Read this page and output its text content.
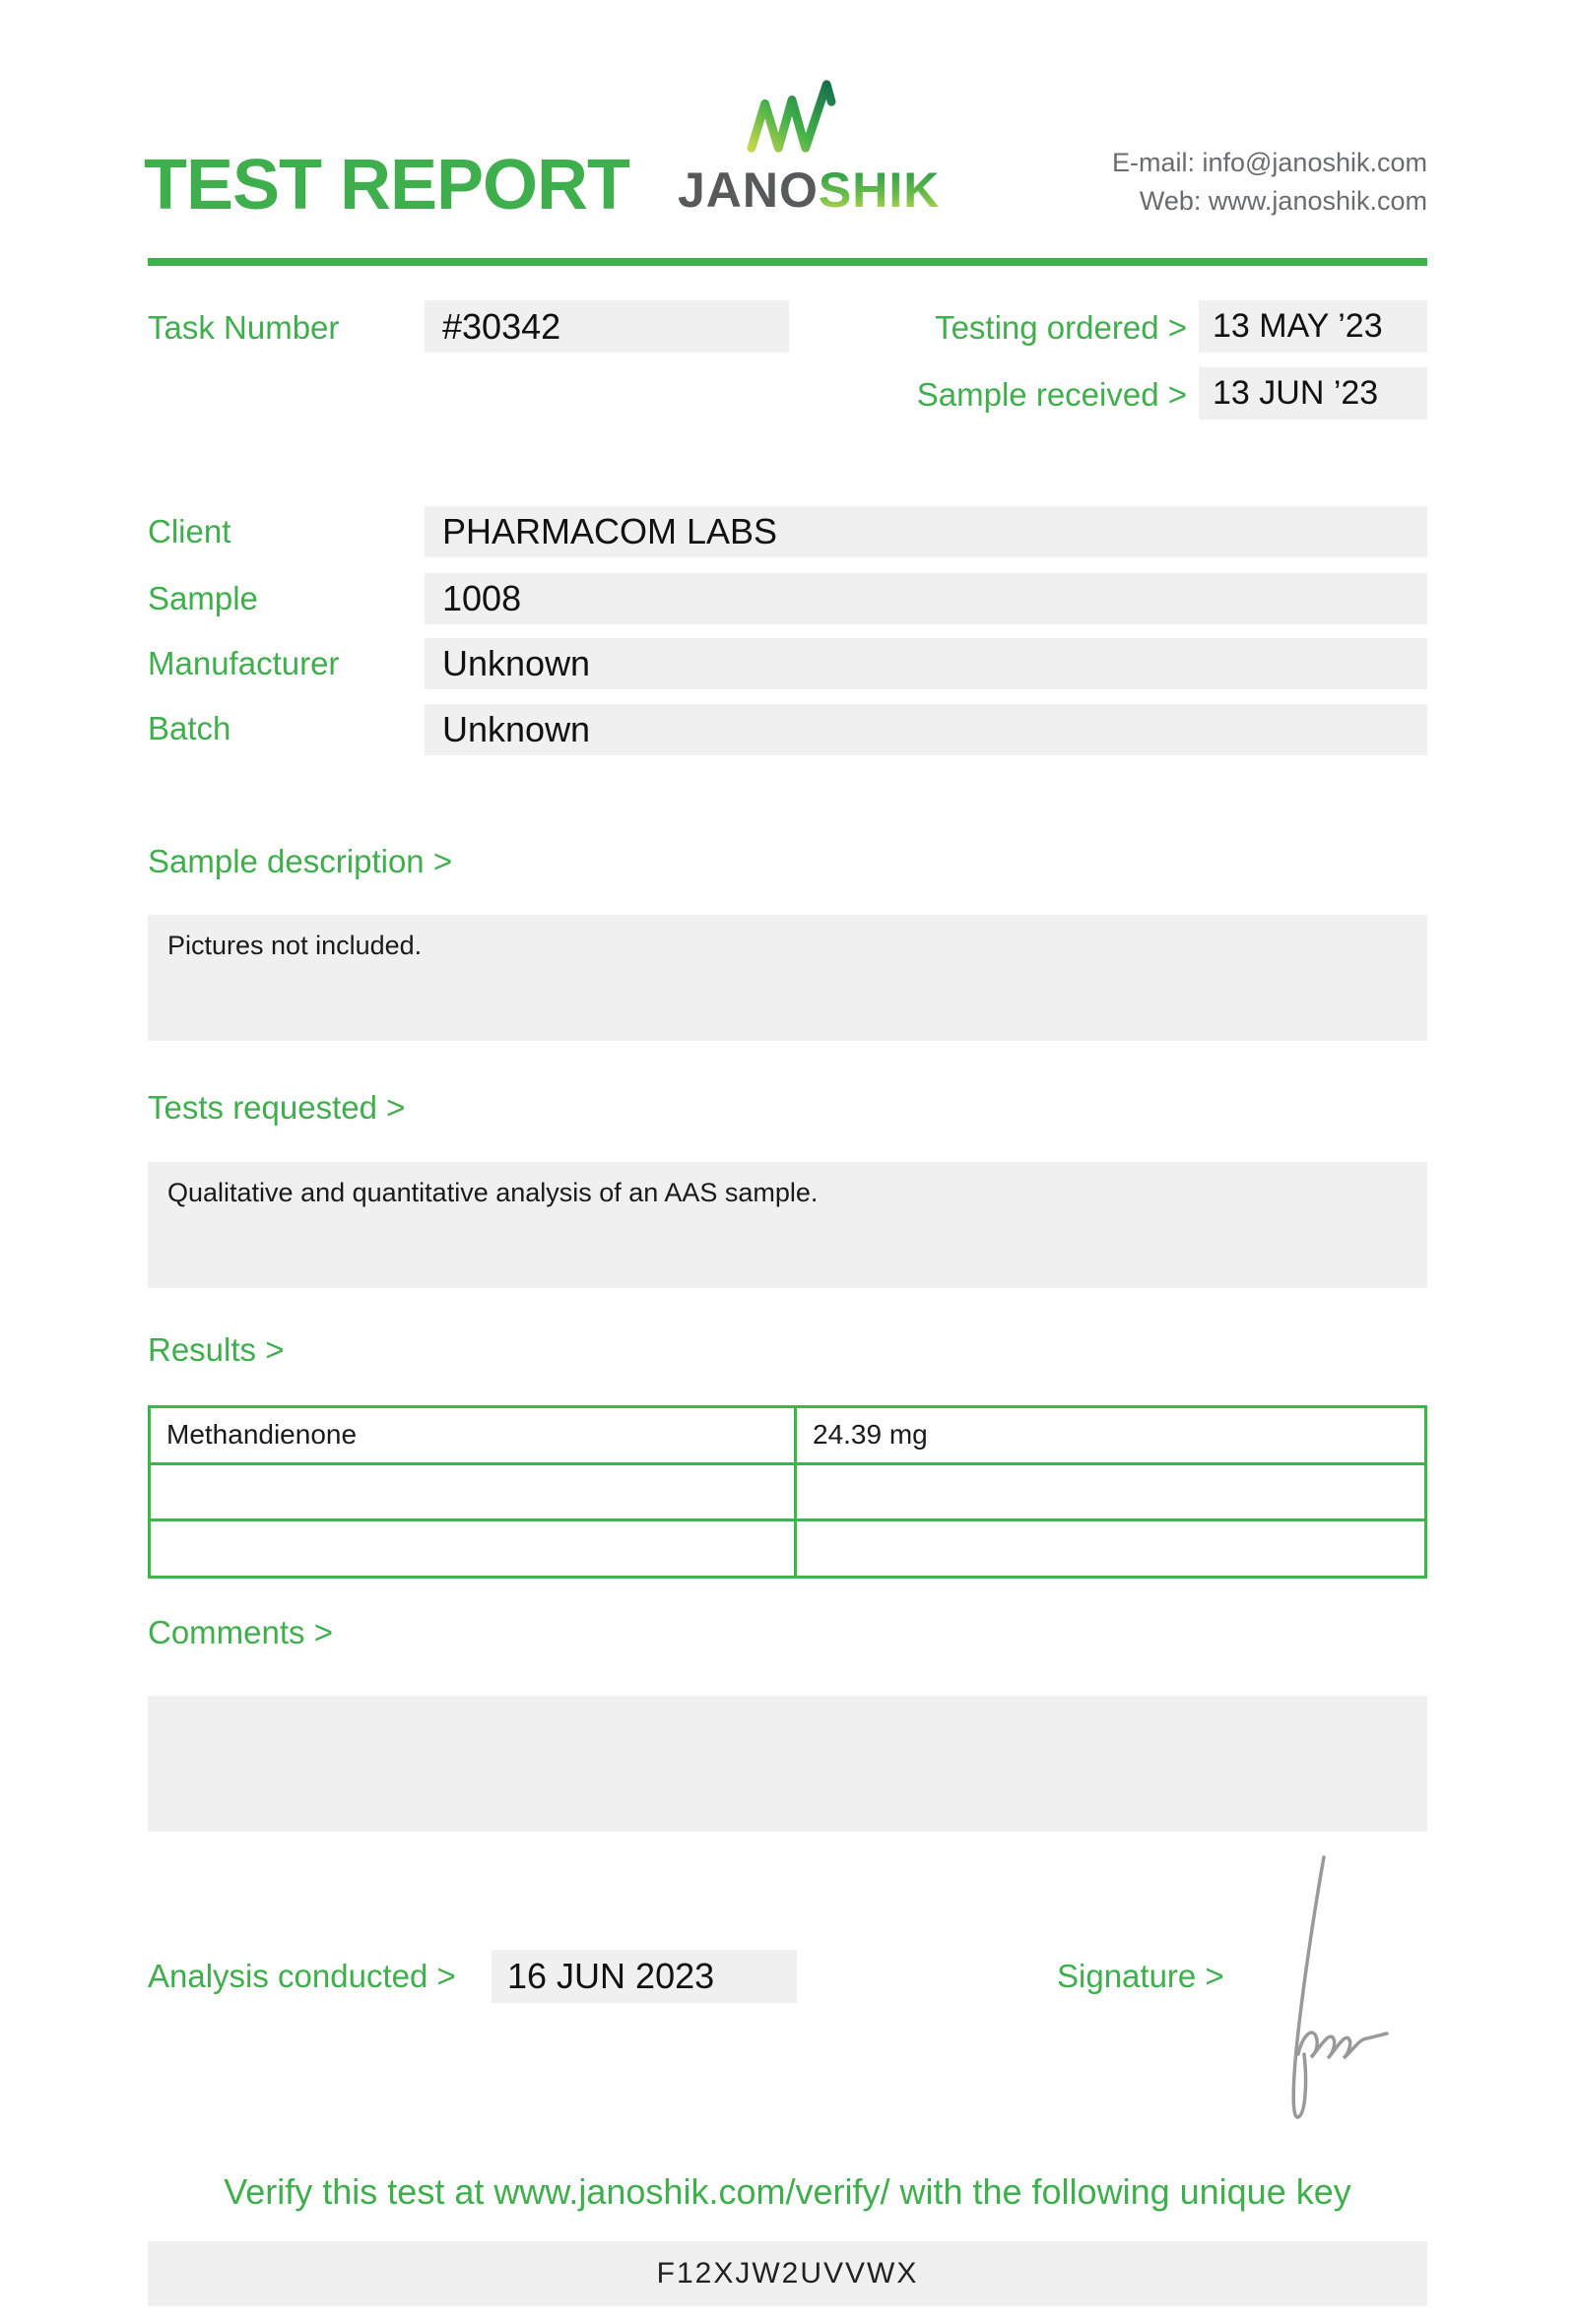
TEST REPORT JANOSHIK	E-mail: info@janoshik.com
Web: www.janoshik.com
Task Number	#30342	Testing ordered > 13 MAY ’23
Sample received > 13 JUN ’23
Client	PHARMACOM LABS
Sample	1008
Manufacturer	Unknown
Batch	Unknown
Sample description >
Pictures not included.
Tests requested >
Qualitative and quantitative analysis of an AAS sample.
Results >
Methandienone	24.39 mg

Comments >
Analysis conducted >	16 JUN 2023	Signature >
Verify this test at www.janoshik.com/verify/ with the following unique key
F12XJW2UVVWX
